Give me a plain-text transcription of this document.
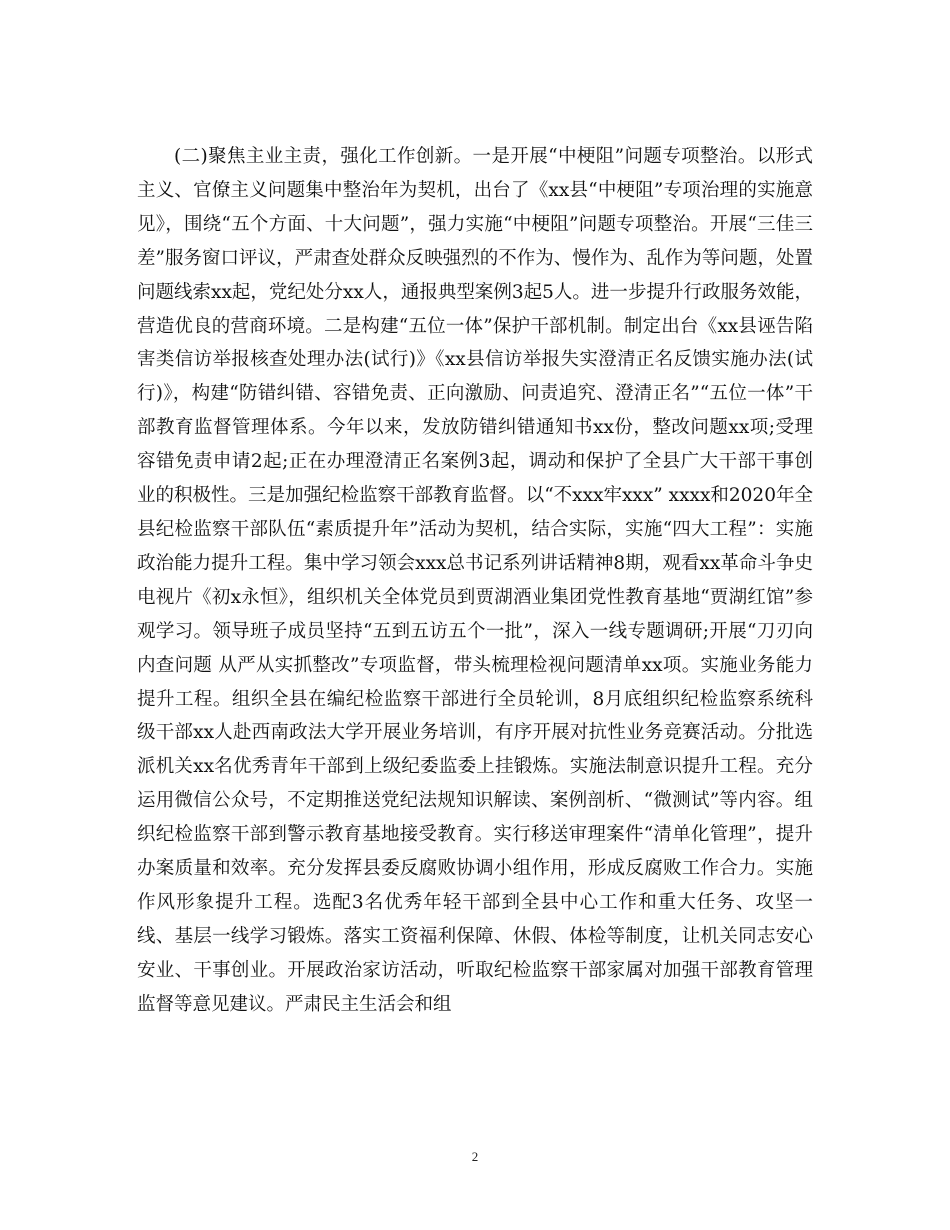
(二)聚焦主业主责，强化工作创新。一是开展“中梗阻”问题专项整治。以形式主义、官僚主义问题集中整治年为契机，出台了《xx县“中梗阻”专项治理的实施意见》，围绕“五个方面、十大问题”，强力实施“中梗阻”问题专项整治。开展“三佳三差”服务窗口评议，严肃查处群众反映强烈的不作为、慢作为、乱作为等问题，处置问题线索xx起，党纪处分xx人，通报典型案例3起5人。进一步提升行政服务效能，营造优良的营商环境。二是构建“五位一体”保护干部机制。制定出台《xx县诬告陷害类信访举报核查处理办法(试行)》《xx县信访举报失实澄清正名反馈实施办法(试行)》，构建“防错纠错、容错免责、正向激励、问责追究、澄清正名”“五位一体”干部教育监督管理体系。今年以来，发放防错纠错通知书xx份，整改问题xx项;受理容错免责申请2起;正在办理澄清正名案例3起，调动和保护了全县广大干部干事创业的积极性。三是加强纪检监察干部教育监督。以“不xxx牢xxx” xxxx和2020年全县纪检监察干部队伍“素质提升年”活动为契机，结合实际，实施“四大工程”：实施政治能力提升工程。集中学习领会xxx总书记系列讲话精神8期，观看xx革命斗争史电视片《初x永恒》，组织机关全体党员到贾湖酒业集团党性教育基地“贾湖红馆”参观学习。领导班子成员坚持“五到五访五个一批”，深入一线专题调研;开展“刀刃向内查问题 从严从实抓整改”专项监督，带头梳理检视问题清单xx项。实施业务能力提升工程。组织全县在编纪检监察干部进行全员轮训，8月底组织纪检监察系统科级干部xx人赴西南政法大学开展业务培训，有序开展对抗性业务竞赛活动。分批选派机关xx名优秀青年干部到上级纪委监委上挂锻炼。实施法制意识提升工程。充分运用微信公众号，不定期推送党纪法规知识解读、案例剖析、“微测试”等内容。组织纪检监察干部到警示教育基地接受教育。实行移送审理案件“清单化管理”，提升办案质量和效率。充分发挥县委反腐败协调小组作用，形成反腐败工作合力。实施作风形象提升工程。选配3名优秀年轻干部到全县中心工作和重大任务、攻坚一线、基层一线学习锻炼。落实工资福利保障、休假、体检等制度，让机关同志安心安业、干事创业。开展政治家访活动，听取纪检监察干部家属对加强干部教育管理监督等意见建议。严肃民主生活会和组

2
